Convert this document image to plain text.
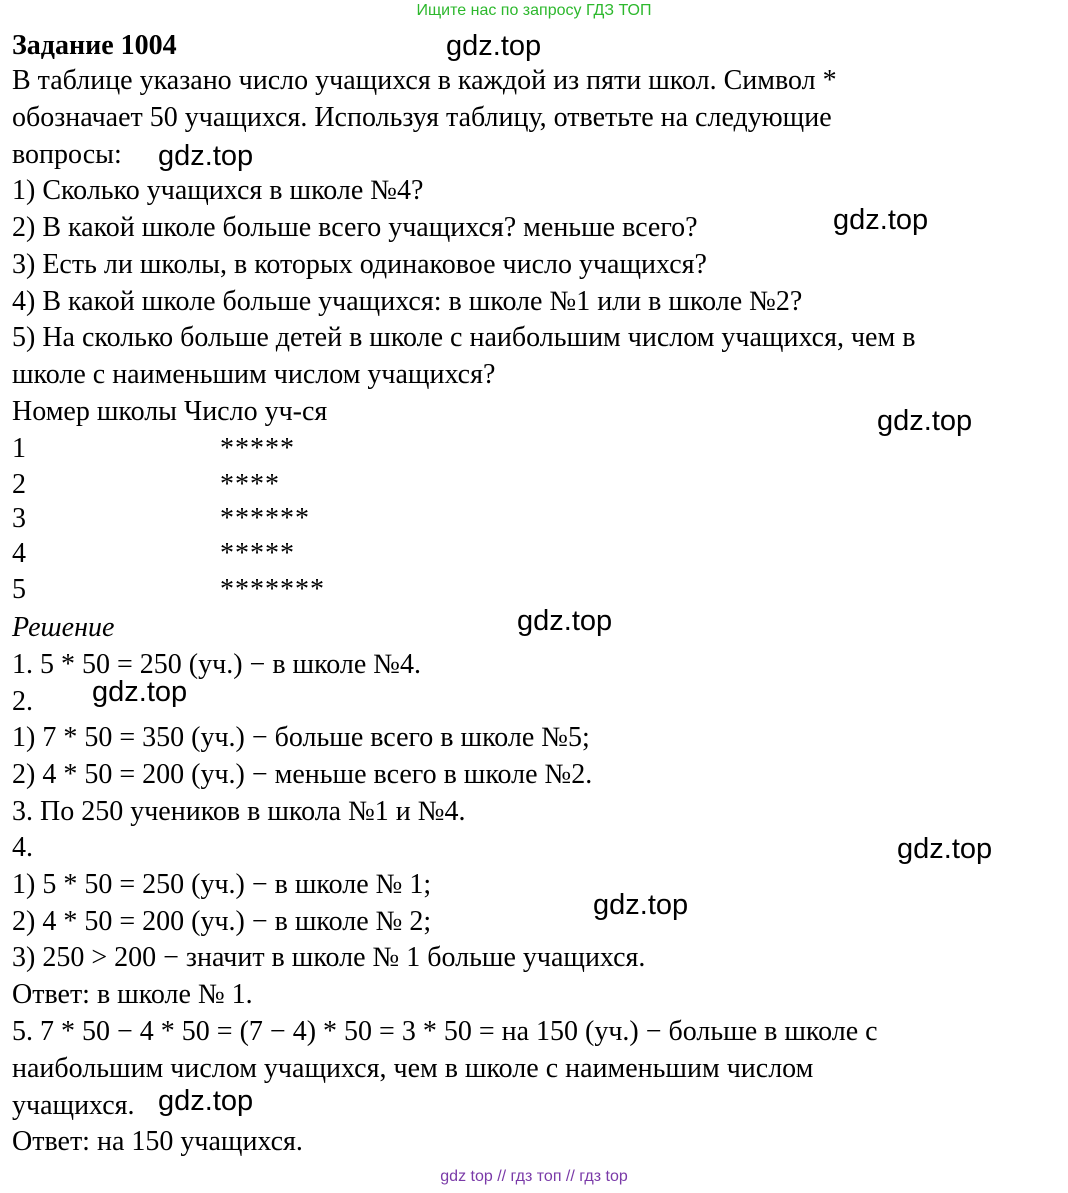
Ищите нас по запросу ГДЗ ТОП
Задание 1004
В таблице указано число учащихся в каждой из пяти школ. Символ *
обозначает 50 учащихся. Используя таблицу, ответьте на следующие
вопросы:
1) Сколько учащихся в школе №4?
2) В какой школе больше всего учащихся? меньше всего?
3) Есть ли школы, в которых одинаковое число учащихся?
4) В какой школе больше учащихся: в школе №1 или в школе №2?
5) На сколько больше детей в школе с наибольшим числом учащихся, чем в
школе с наименьшим числом учащихся?
Номер школы Число уч-ся
1	*****
2	****
3	******
4	*****
5	*******
Решение
1. 5 * 50 = 250 (уч.) − в школе №4.
2.
1) 7 * 50 = 350 (уч.) − больше всего в школе №5;
2) 4 * 50 = 200 (уч.) − меньше всего в школе №2.
3. По 250 учеников в школа №1 и №4.
4.
1) 5 * 50 = 250 (уч.) − в школе № 1;
2) 4 * 50 = 200 (уч.) − в школе № 2;
3) 250 > 200 − значит в школе № 1 больше учащихся.
Ответ: в школе № 1.
5. 7 * 50 − 4 * 50 = (7 − 4) * 50 = 3 * 50 = на 150 (уч.) − больше в школе с
наибольшим числом учащихся, чем в школе с наименьшим числом
учащихся.
Ответ: на 150 учащихся.
gdz.top
gdz.top
gdz.top
gdz.top
gdz.top
gdz.top
gdz.top
gdz.top
gdz.top
gdz top // гдз топ // гдз top
